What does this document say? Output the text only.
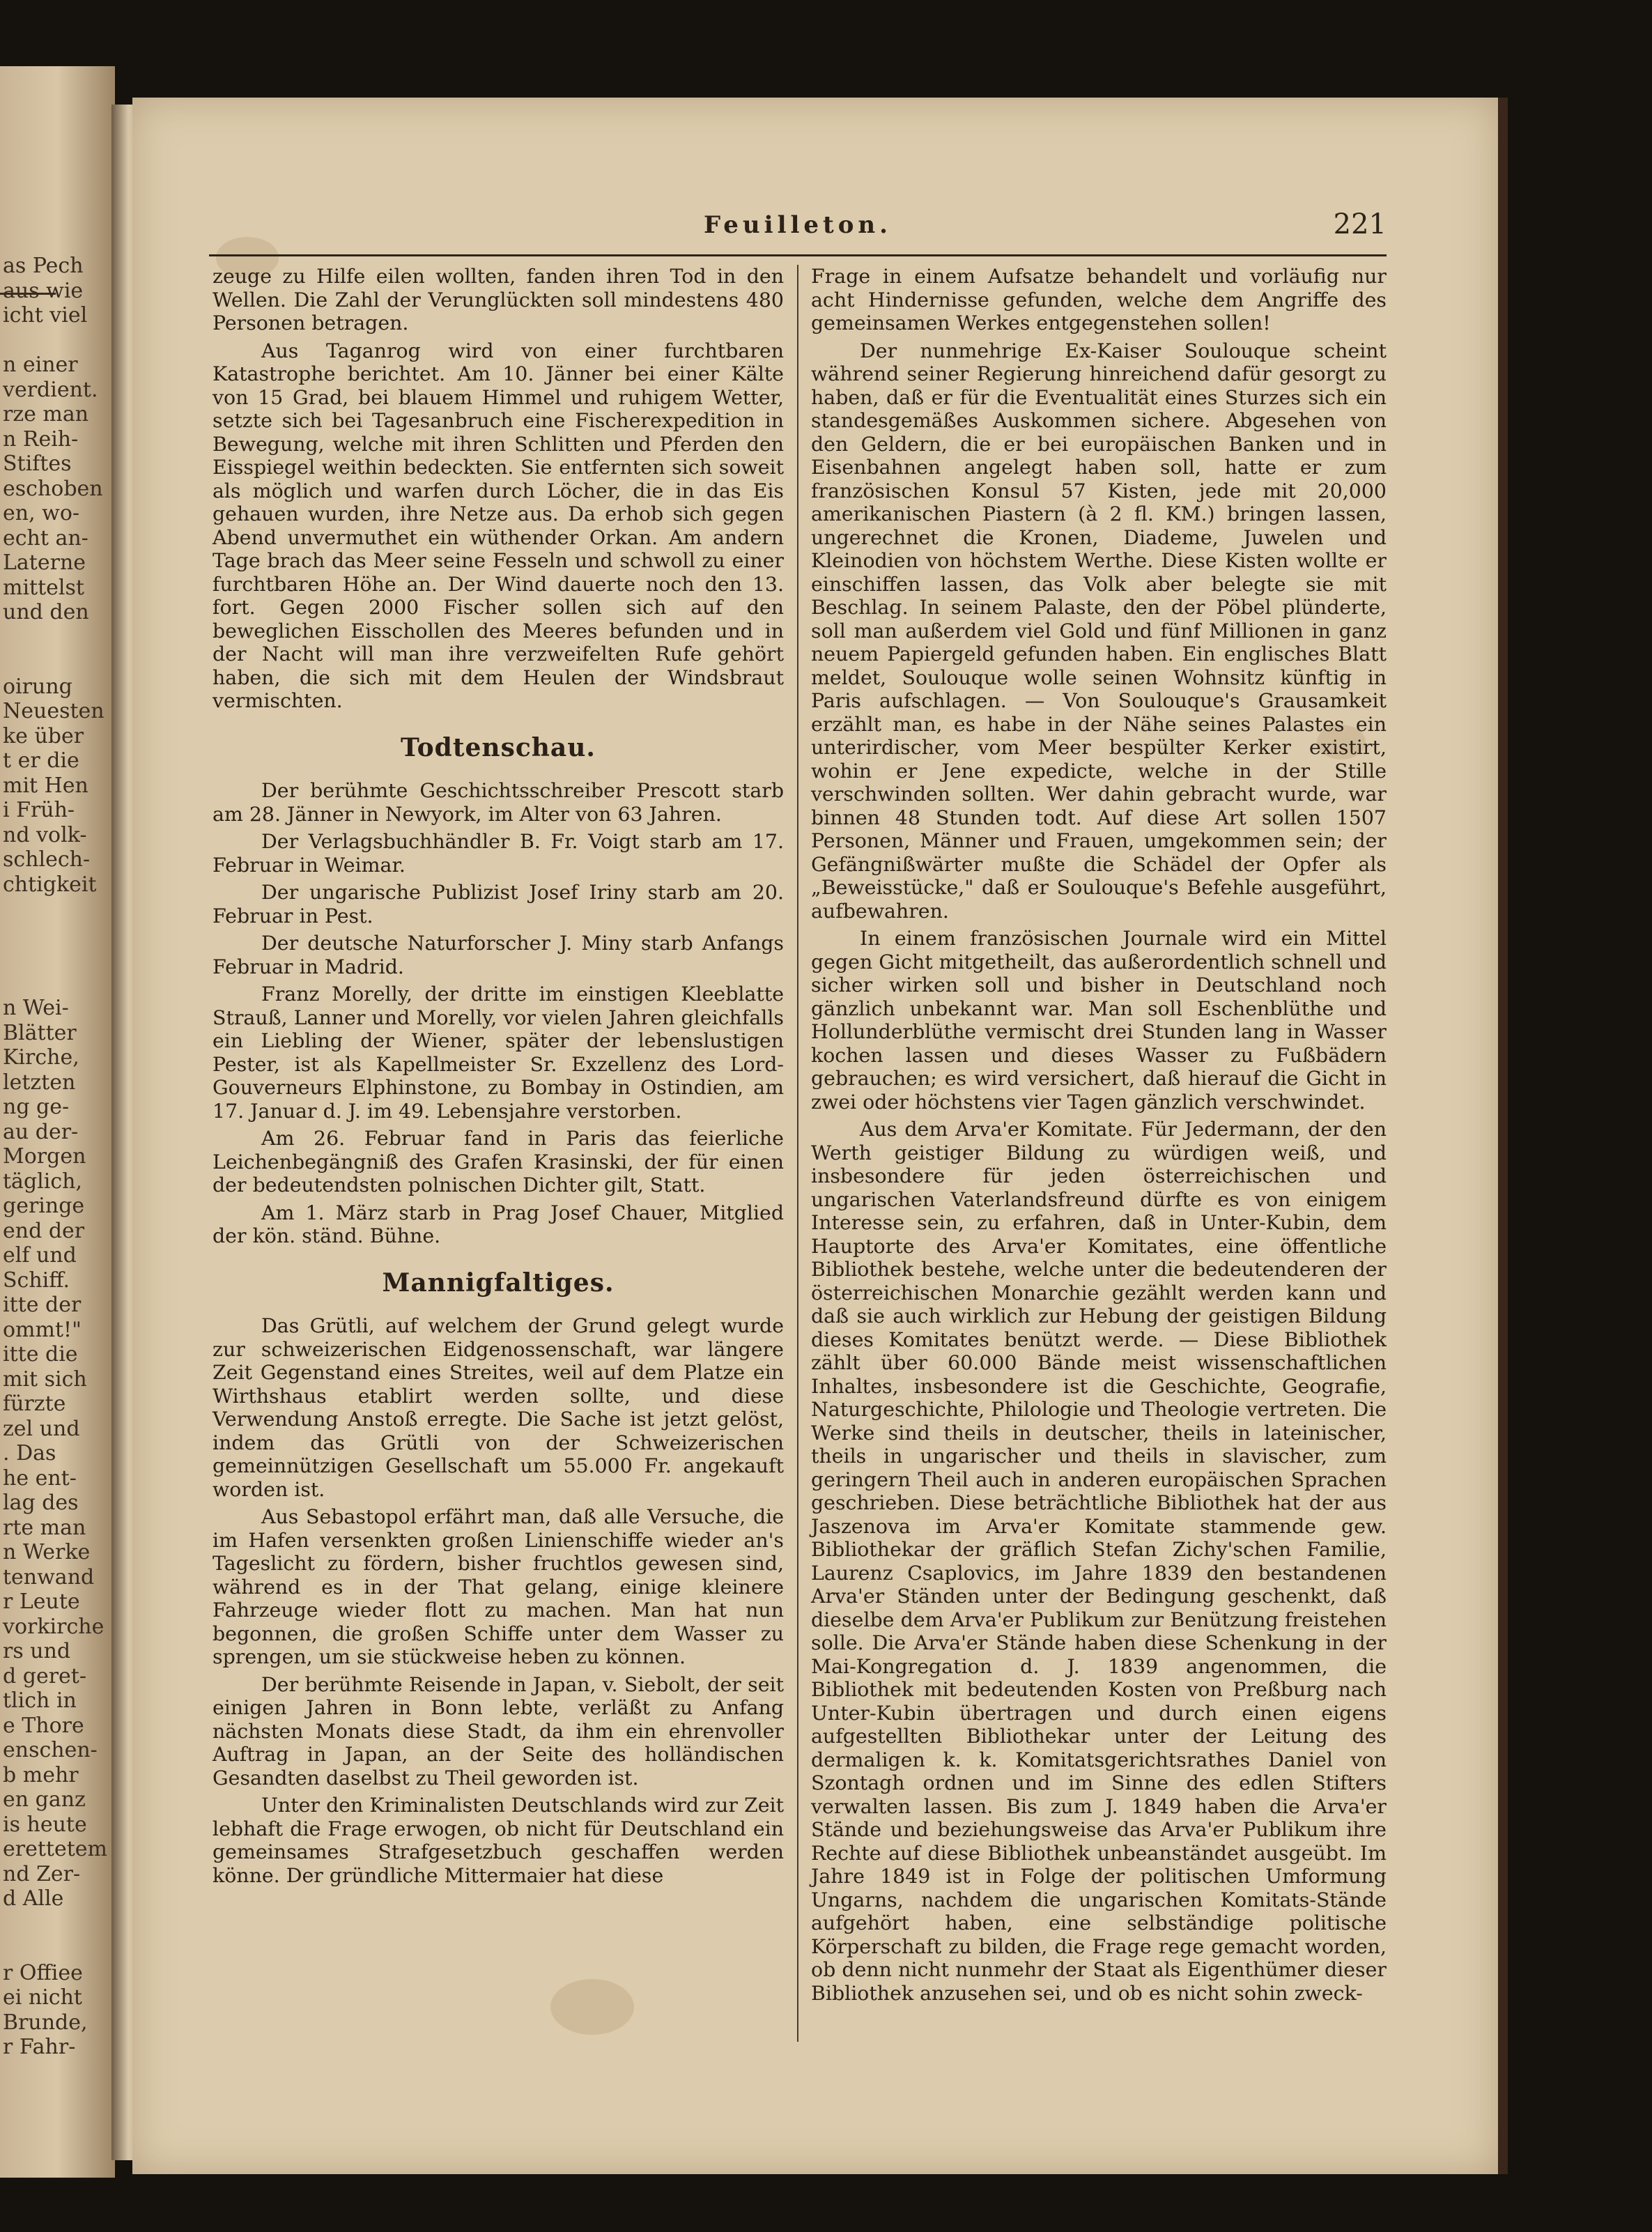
as Pech
aus wie
icht viel
n einer
verdient.
rze man
n Reih-
Stiftes
eschoben
en, wo-
echt an-
Laterne
mittelst
und den
oirung
Neuesten
ke über
t er die
mit Hen
i Früh-
nd volk-
schlech-
chtigkeit
n Wei-
Blätter
Kirche,
letzten
ng ge-
au der-
Morgen
täglich,
geringe
end der
elf und
Schiff.
itte der
ommt!"
itte die
mit sich
fürzte
zel und
. Das
he ent-
lag des
rte man
n Werke
tenwand
r Leute
vorkirche
rs und
d geret-
tlich in
e Thore
enschen-
b mehr
en ganz
is heute
erettetem
nd Zer-
d Alle
r Offiee
ei nicht
Brunde,
r Fahr-
Feuilleton.	221

zeuge zu Hilfe eilen wollten, fanden ihren Tod in den Wellen. Die Zahl der Verunglückten soll mindestens 480 Personen betragen.

Aus Taganrog wird von einer furchtbaren Katastrophe berichtet. Am 10. Jänner bei einer Kälte von 15 Grad, bei blauem Himmel und ruhigem Wetter, setzte sich bei Tagesanbruch eine Fischerexpedition in Bewegung, welche mit ihren Schlitten und Pferden den Eisspiegel weithin bedeckten. Sie entfernten sich soweit als möglich und warfen durch Löcher, die in das Eis gehauen wurden, ihre Netze aus. Da erhob sich gegen Abend unvermuthet ein wüthender Orkan. Am andern Tage brach das Meer seine Fesseln und schwoll zu einer furchtbaren Höhe an. Der Wind dauerte noch den 13. fort. Gegen 2000 Fischer sollen sich auf den beweglichen Eisschollen des Meeres befunden und in der Nacht will man ihre verzweifelten Rufe gehört haben, die sich mit dem Heulen der Windsbraut vermischten.

Todtenschau.

Der berühmte Geschichtsschreiber Prescott starb am 28. Jänner in Newyork, im Alter von 63 Jahren.

Der Verlagsbuchhändler B. Fr. Voigt starb am 17. Februar in Weimar.

Der ungarische Publizist Josef Iriny starb am 20. Februar in Pest.

Der deutsche Naturforscher J. Miny starb Anfangs Februar in Madrid.

Franz Morelly, der dritte im einstigen Kleeblatte Strauß, Lanner und Morelly, vor vielen Jahren gleichfalls ein Liebling der Wiener, später der lebenslustigen Pester, ist als Kapellmeister Sr. Exzellenz des Lord-Gouverneurs Elphinstone, zu Bombay in Ostindien, am 17. Januar d. J. im 49. Lebensjahre verstorben.

Am 26. Februar fand in Paris das feierliche Leichenbegängniß des Grafen Krasinski, der für einen der bedeutendsten polnischen Dichter gilt, Statt.

Am 1. März starb in Prag Josef Chauer, Mitglied der kön. ständ. Bühne.

Mannigfaltiges.

Das Grütli, auf welchem der Grund gelegt wurde zur schweizerischen Eidgenossenschaft, war längere Zeit Gegenstand eines Streites, weil auf dem Platze ein Wirthshaus etablirt werden sollte, und diese Verwendung Anstoß erregte. Die Sache ist jetzt gelöst, indem das Grütli von der Schweizerischen gemeinnützigen Gesellschaft um 55.000 Fr. angekauft worden ist.

Aus Sebastopol erfährt man, daß alle Versuche, die im Hafen versenkten großen Linienschiffe wieder an's Tageslicht zu fördern, bisher fruchtlos gewesen sind, während es in der That gelang, einige kleinere Fahrzeuge wieder flott zu machen. Man hat nun begonnen, die großen Schiffe unter dem Wasser zu sprengen, um sie stückweise heben zu können.

Der berühmte Reisende in Japan, v. Siebolt, der seit einigen Jahren in Bonn lebte, verläßt zu Anfang nächsten Monats diese Stadt, da ihm ein ehrenvoller Auftrag in Japan, an der Seite des holländischen Gesandten daselbst zu Theil geworden ist.

Unter den Kriminalisten Deutschlands wird zur Zeit lebhaft die Frage erwogen, ob nicht für Deutschland ein gemeinsames Strafgesetzbuch geschaffen werden könne. Der gründliche Mittermaier hat diese

Frage in einem Aufsatze behandelt und vorläufig nur acht Hindernisse gefunden, welche dem Angriffe des gemeinsamen Werkes entgegenstehen sollen!

Der nunmehrige Ex-Kaiser Soulouque scheint während seiner Regierung hinreichend dafür gesorgt zu haben, daß er für die Eventualität eines Sturzes sich ein standesgemäßes Auskommen sichere. Abgesehen von den Geldern, die er bei europäischen Banken und in Eisenbahnen angelegt haben soll, hatte er zum französischen Konsul 57 Kisten, jede mit 20,000 amerikanischen Piastern (à 2 fl. KM.) bringen lassen, ungerechnet die Kronen, Diademe, Juwelen und Kleinodien von höchstem Werthe. Diese Kisten wollte er einschiffen lassen, das Volk aber belegte sie mit Beschlag. In seinem Palaste, den der Pöbel plünderte, soll man außerdem viel Gold und fünf Millionen in ganz neuem Papiergeld gefunden haben. Ein englisches Blatt meldet, Soulouque wolle seinen Wohnsitz künftig in Paris aufschlagen. — Von Soulouque's Grausamkeit erzählt man, es habe in der Nähe seines Palastes ein unterirdischer, vom Meer bespülter Kerker existirt, wohin er Jene expedicte, welche in der Stille verschwinden sollten. Wer dahin gebracht wurde, war binnen 48 Stunden todt. Auf diese Art sollen 1507 Personen, Männer und Frauen, umgekommen sein; der Gefängnißwärter mußte die Schädel der Opfer als „Beweisstücke," daß er Soulouque's Befehle ausgeführt, aufbewahren.

In einem französischen Journale wird ein Mittel gegen Gicht mitgetheilt, das außerordentlich schnell und sicher wirken soll und bisher in Deutschland noch gänzlich unbekannt war. Man soll Eschenblüthe und Hollunderblüthe vermischt drei Stunden lang in Wasser kochen lassen und dieses Wasser zu Fußbädern gebrauchen; es wird versichert, daß hierauf die Gicht in zwei oder höchstens vier Tagen gänzlich verschwindet.

Aus dem Arva'er Komitate. Für Jedermann, der den Werth geistiger Bildung zu würdigen weiß, und insbesondere für jeden österreichischen und ungarischen Vaterlandsfreund dürfte es von einigem Interesse sein, zu erfahren, daß in Unter-Kubin, dem Hauptorte des Arva'er Komitates, eine öffentliche Bibliothek bestehe, welche unter die bedeutenderen der österreichischen Monarchie gezählt werden kann und daß sie auch wirklich zur Hebung der geistigen Bildung dieses Komitates benützt werde. — Diese Bibliothek zählt über 60.000 Bände meist wissenschaftlichen Inhaltes, insbesondere ist die Geschichte, Geografie, Naturgeschichte, Philologie und Theologie vertreten. Die Werke sind theils in deutscher, theils in lateinischer, theils in ungarischer und theils in slavischer, zum geringern Theil auch in anderen europäischen Sprachen geschrieben. Diese beträchtliche Bibliothek hat der aus Jaszenova im Arva'er Komitate stammende gew. Bibliothekar der gräflich Stefan Zichy'schen Familie, Laurenz Csaplovics, im Jahre 1839 den bestandenen Arva'er Ständen unter der Bedingung geschenkt, daß dieselbe dem Arva'er Publikum zur Benützung freistehen solle. Die Arva'er Stände haben diese Schenkung in der Mai-Kongregation d. J. 1839 angenommen, die Bibliothek mit bedeutenden Kosten von Preßburg nach Unter-Kubin übertragen und durch einen eigens aufgestellten Bibliothekar unter der Leitung des dermaligen k. k. Komitatsgerichtsrathes Daniel von Szontagh ordnen und im Sinne des edlen Stifters verwalten lassen. Bis zum J. 1849 haben die Arva'er Stände und beziehungsweise das Arva'er Publikum ihre Rechte auf diese Bibliothek unbeanständet ausgeübt. Im Jahre 1849 ist in Folge der politischen Umformung Ungarns, nachdem die ungarischen Komitats-Stände aufgehört haben, eine selbständige politische Körperschaft zu bilden, die Frage rege gemacht worden, ob denn nicht nunmehr der Staat als Eigenthümer dieser Bibliothek anzusehen sei, und ob es nicht sohin zweck-
